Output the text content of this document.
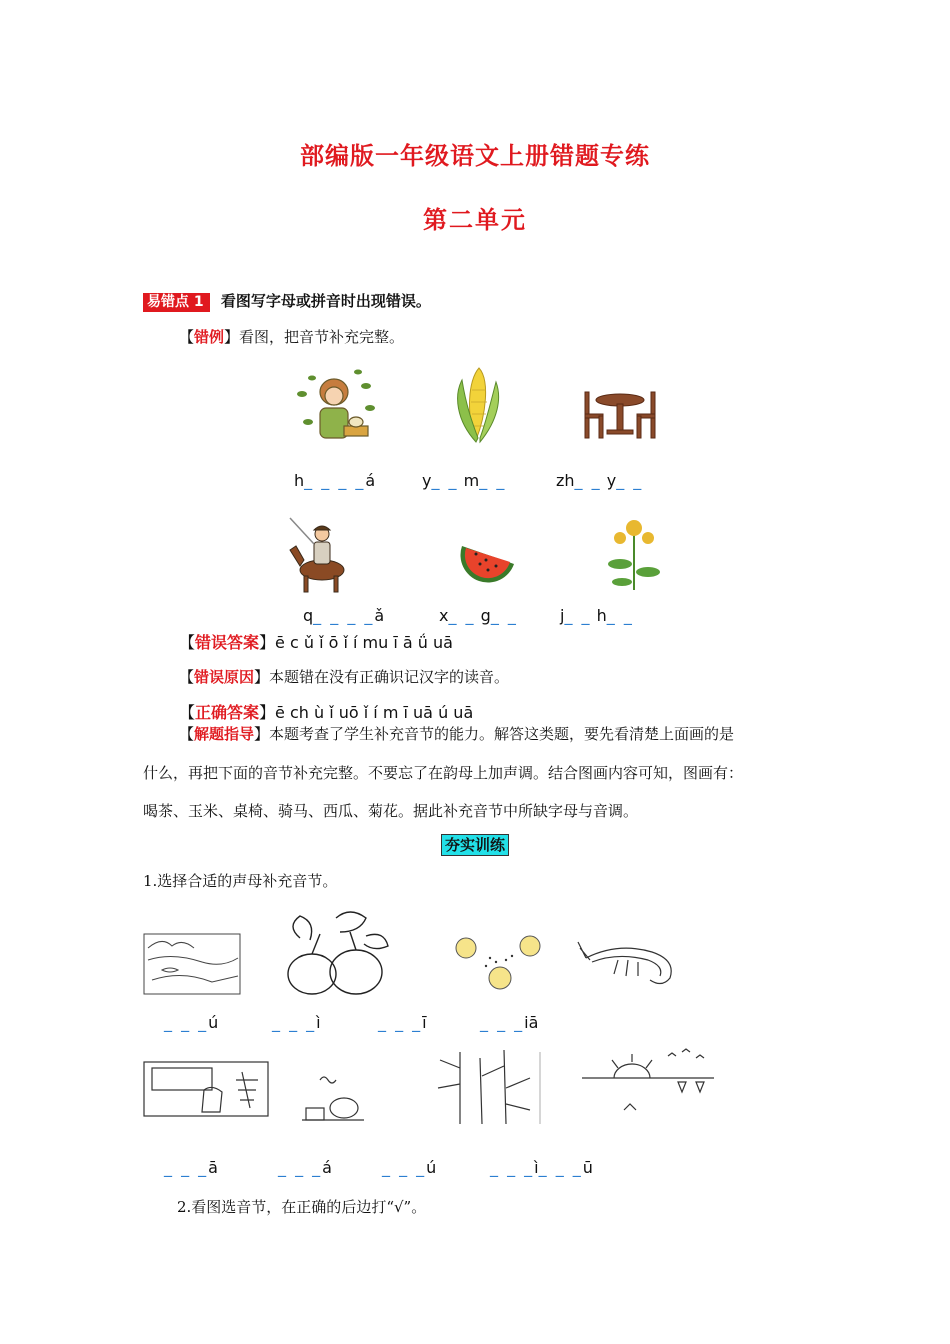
部编版一年级语文上册错题专练
第二单元
易错点 1 看图写字母或拼音时出现错误。
【错例】看图，把音节补充完整。
h_ _ _ _á	y_ _ m_ _	zh_ _ y_ _
q_ _ _ _ǎ	x_ _ g_ _	j_ _ h_ _
【错误答案】ē c ǔ ǐ ō ǐ í mu ī ā ǘ uā
【错误原因】本题错在没有正确识记汉字的读音。
【正确答案】ē ch ù ǐ uō ǐ í m ī uā ú uā
【解题指导】本题考查了学生补充音节的能力。解答这类题，要先看清楚上面画的是
什么，再把下面的音节补充完整。不要忘了在韵母上加声调。结合图画内容可知，图画有：
喝茶、玉米、桌椅、骑马、西瓜、菊花。据此补充音节中所缺字母与音调。
夯实训练
1.选择合适的声母补充音节。
_ _ _ú	_ _ _ì	_ _ _ī	_ _ _iā
_ _ _ā	_ _ _á	_ _ _ú	_ _ _ì_ _ _ū
2.看图选音节，在正确的后边打“√”。
